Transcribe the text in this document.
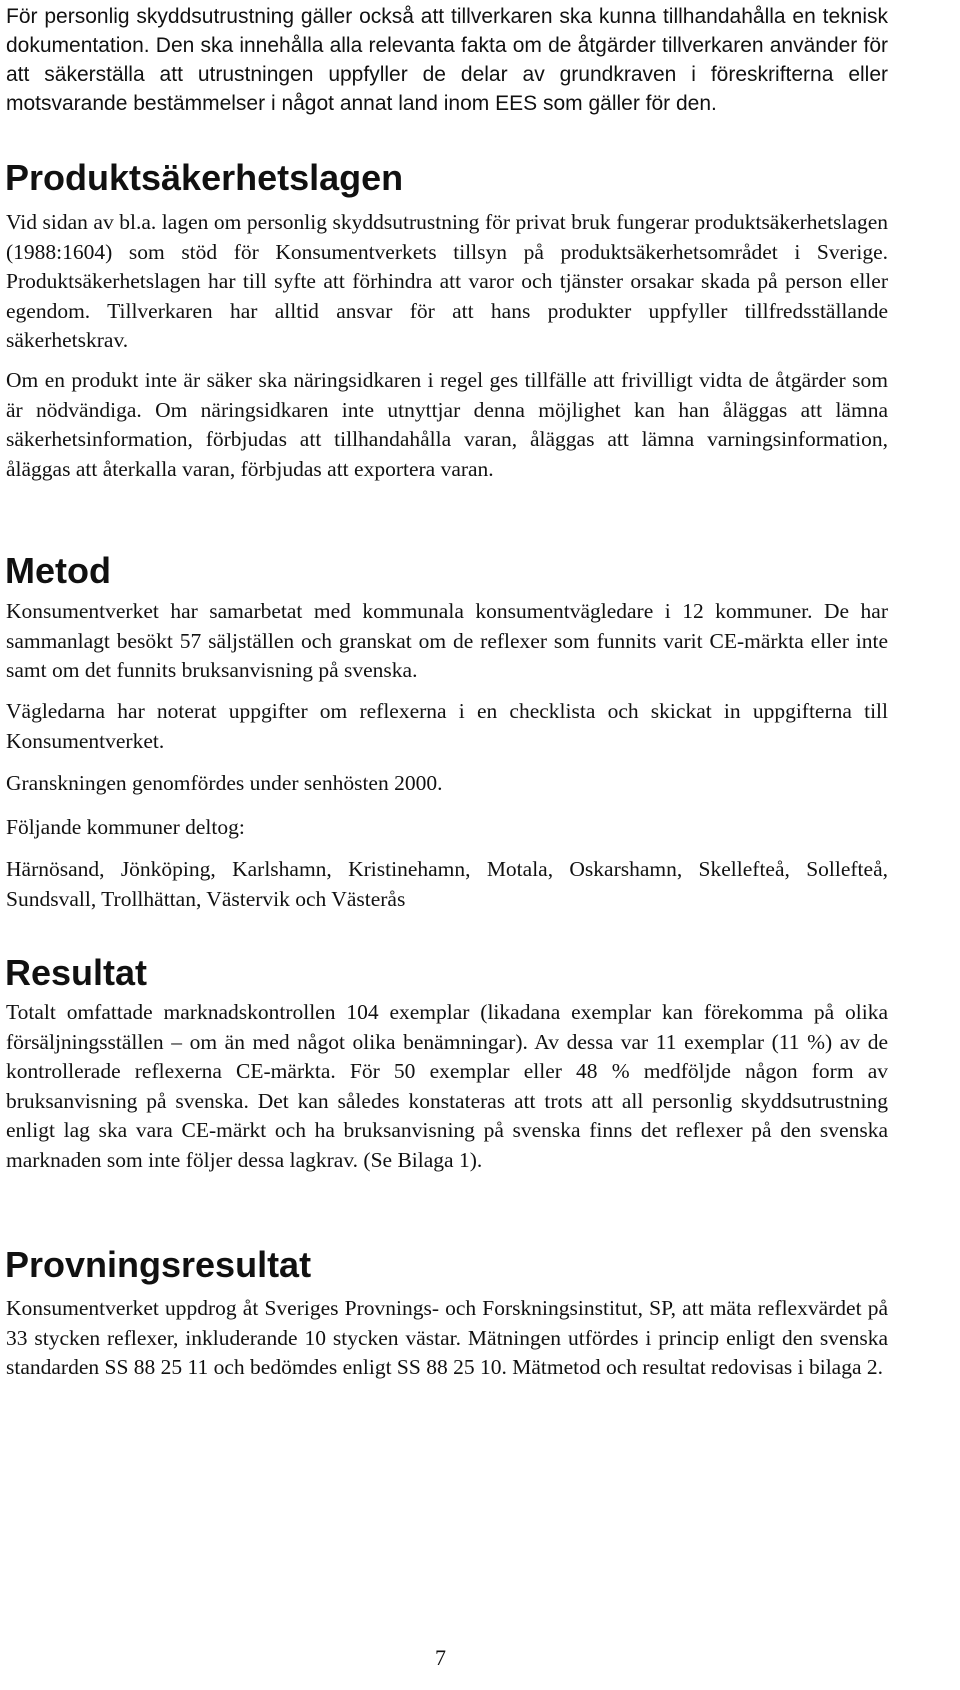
För personlig skyddsutrustning gäller också att tillverkaren ska kunna tillhandahålla en teknisk dokumentation. Den ska innehålla alla relevanta fakta om de åtgärder tillverkaren använder för att säkerställa att utrustningen uppfyller de delar av grundkraven i föreskrifterna eller motsvarande bestämmelser i något annat land inom EES som gäller för den.

Produktsäkerhetslagen

Vid sidan av bl.a. lagen om personlig skyddsutrustning för privat bruk fungerar produktsäkerhetslagen (1988:1604) som stöd för Konsumentverkets tillsyn på produktsäkerhetsområdet i Sverige. Produktsäkerhetslagen har till syfte att förhindra att varor och tjänster orsakar skada på person eller egendom. Tillverkaren har alltid ansvar för att hans produkter uppfyller tillfredsställande säkerhetskrav.

Om en produkt inte är säker ska näringsidkaren i regel ges tillfälle att frivilligt vidta de åtgärder som är nödvändiga. Om näringsidkaren inte utnyttjar denna möjlighet kan han åläggas att lämna säkerhetsinformation, förbjudas att tillhandahålla varan, åläggas att lämna varningsinformation, åläggas att återkalla varan, förbjudas att exportera varan.

Metod

Konsumentverket har samarbetat med kommunala konsumentvägledare i 12 kommuner. De har sammanlagt besökt 57 säljställen och granskat om de reflexer som funnits varit CE-märkta eller inte samt om det funnits bruksanvisning på svenska.

Vägledarna har noterat uppgifter om reflexerna i en checklista och skickat in uppgifterna till Konsumentverket.

Granskningen genomfördes under senhösten 2000.

Följande kommuner deltog:

Härnösand, Jönköping, Karlshamn, Kristinehamn, Motala, Oskarshamn, Skellefteå, Sollefteå, Sundsvall, Trollhättan, Västervik och Västerås

Resultat

Totalt omfattade marknadskontrollen 104 exemplar (likadana exemplar kan förekomma på olika försäljningsställen – om än med något olika benämningar). Av dessa var 11 exemplar (11 %) av de kontrollerade reflexerna CE-märkta. För 50 exemplar eller 48 % medföljde någon form av bruksanvisning på svenska. Det kan således konstateras att trots att all personlig skyddsutrustning enligt lag ska vara CE-märkt och ha bruksanvisning på svenska finns det reflexer på den svenska marknaden som inte följer dessa lagkrav. (Se Bilaga 1).

Provningsresultat

Konsumentverket uppdrog åt Sveriges Provnings- och Forskningsinstitut, SP, att mäta reflexvärdet på 33 stycken reflexer, inkluderande 10 stycken västar. Mätningen utfördes i princip enligt den svenska standarden SS 88 25 11 och bedömdes enligt SS 88 25 10. Mätmetod och resultat redovisas i bilaga 2.

7
